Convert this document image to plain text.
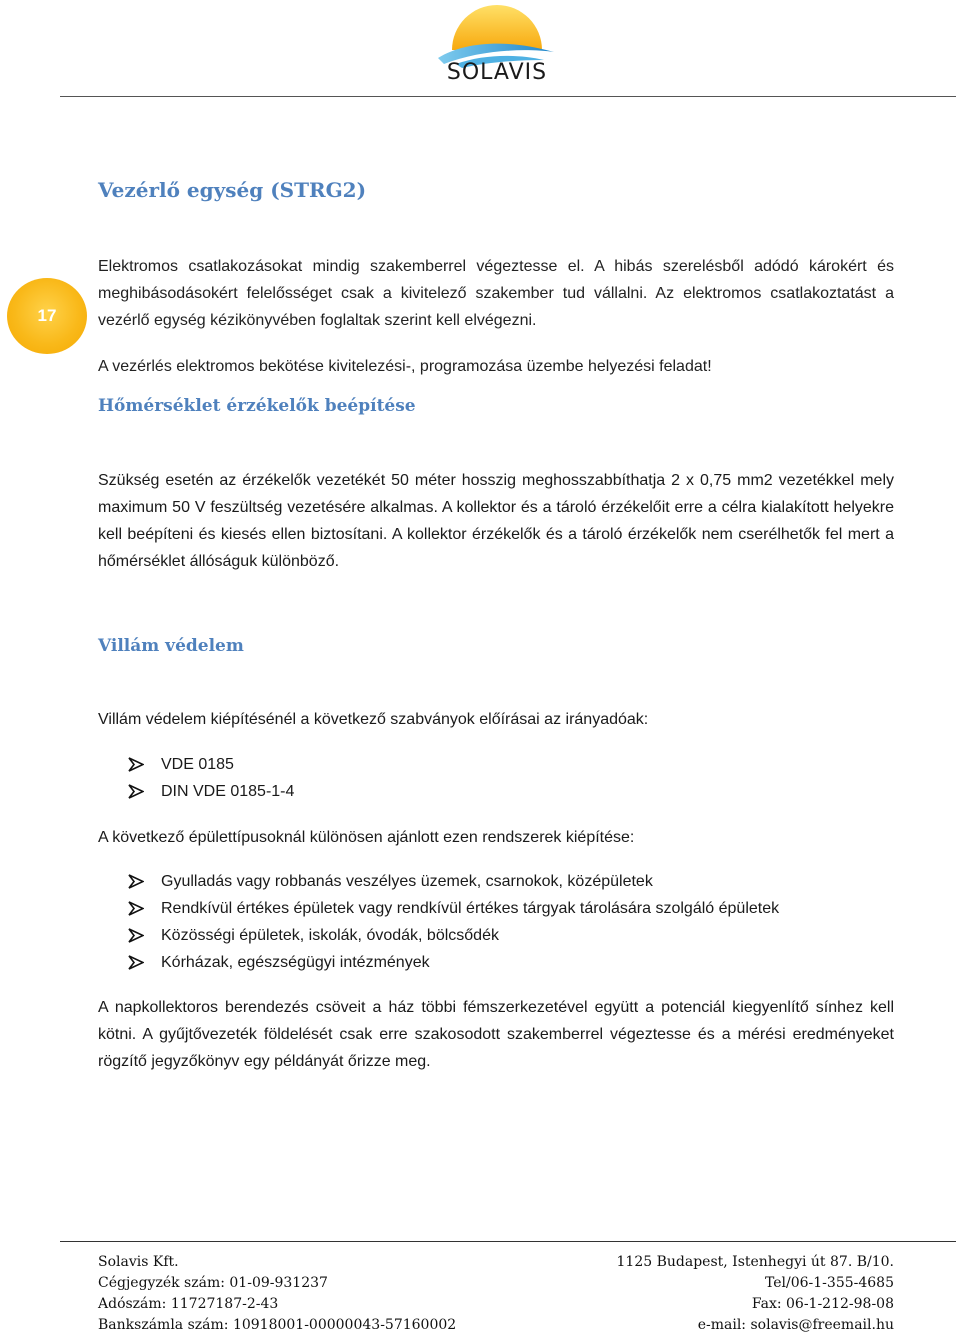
SOLAVIS
17
Vezérlő egység (STRG2)

Elektromos csatlakozásokat mindig szakemberrel végeztesse el. A hibás szerelésből adódó károkért és meghibásodásokért felelősséget csak a kivitelező szakember tud vállalni. Az elektromos csatlakoztatást a vezérlő egység kézikönyvében foglaltak szerint kell elvégezni.

A vezérlés elektromos bekötése kivitelezési-, programozása üzembe helyezési feladat!

Hőmérséklet érzékelők beépítése

Szükség esetén az érzékelők vezetékét 50 méter hosszig meghosszabbíthatja 2 x 0,75 mm2 vezetékkel mely maximum 50 V feszültség vezetésére alkalmas. A kollektor és a tároló érzékelőit erre a célra kialakított helyekre kell beépíteni és kiesés ellen biztosítani. A kollektor érzékelők és a tároló érzékelők nem cserélhetők fel mert a hőmérséklet állóságuk különböző.

Villám védelem

Villám védelem kiépítésénél a következő szabványok előírásai az irányadóak:

VDE 0185
DIN VDE 0185-1-4

A következő épülettípusoknál különösen ajánlott ezen rendszerek kiépítése:

Gyulladás vagy robbanás veszélyes üzemek, csarnokok, középületek
Rendkívül értékes épületek vagy rendkívül értékes tárgyak tárolására szolgáló épületek
Közösségi épületek, iskolák, óvodák, bölcsődék
Kórházak, egészségügyi intézmények

A napkollektoros berendezés csöveit a ház többi fémszerkezetével együtt a potenciál kiegyenlítő sínhez kell kötni. A gyűjtővezeték földelését csak erre szakosodott szakemberrel végeztesse és a mérési eredményeket rögzítő jegyzőkönyv egy példányát őrizze meg.

Solavis Kft.	1125 Budapest, Istenhegyi út 87. B/10.
Cégjegyzék szám: 01-09-931237	Tel/06-1-355-4685
Adószám: 11727187-2-43	Fax: 06-1-212-98-08
Bankszámla szám: 10918001-00000043-57160002	e-mail: solavis@freemail.hu
